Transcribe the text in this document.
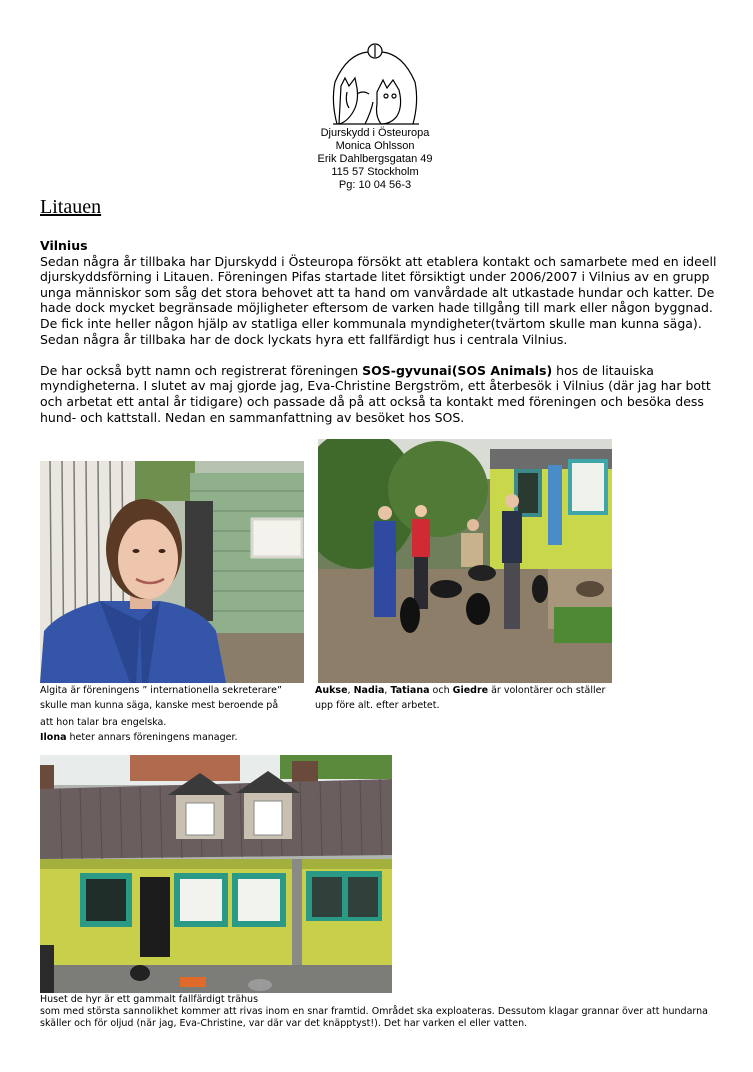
Djurskydd i Östeuropa
Monica Ohlsson
Erik Dahlbergsgatan 49
115 57 Stockholm
Pg: 10 04 56-3
Litauen

Vilnius

Sedan några år tillbaka har Djurskydd i Östeuropa försökt att etablera kontakt och samarbete med en ideell djurskyddsförning i Litauen. Föreningen Pifas startade litet försiktigt under 2006/2007 i Vilnius av en grupp unga människor som såg det stora behovet att ta hand om vanvårdade alt utkastade hundar och katter. De hade dock mycket begränsade möjligheter eftersom de varken hade tillgång till mark eller någon byggnad. De fick inte heller någon hjälp av statliga eller kommunala myndigheter(tvärtom skulle man kunna säga). Sedan några år tillbaka har de dock lyckats hyra ett fallfärdigt hus i centrala Vilnius.

De har också bytt namn och registrerat föreningen SOS-gyvunai(SOS Animals) hos de litauiska myndigheterna. I slutet av maj gjorde jag, Eva-Christine Bergström, ett återbesök i Vilnius (där jag har bott och arbetat ett antal år tidigare) och passade då på att också ta kontakt med föreningen och besöka dess hund- och kattstall. Nedan en sammanfattning av besöket hos SOS.

Algita är föreningens ” internationella sekreterare”

skulle man kunna säga, kanske mest beroende på

att hon talar bra engelska.

Ilona heter annars föreningens manager.

Aukse, Nadia, Tatiana och Giedre är volontärer och ställer

upp före alt. efter arbetet.

Huset de hyr är ett gammalt fallfärdigt trähus

som med största sannolikhet kommer att rivas inom en snar framtid. Området ska exploateras. Dessutom klagar grannar över att hundarna skäller och för oljud (när jag, Eva-Christine, var där var det knäpptyst!). Det har varken el eller vatten.
